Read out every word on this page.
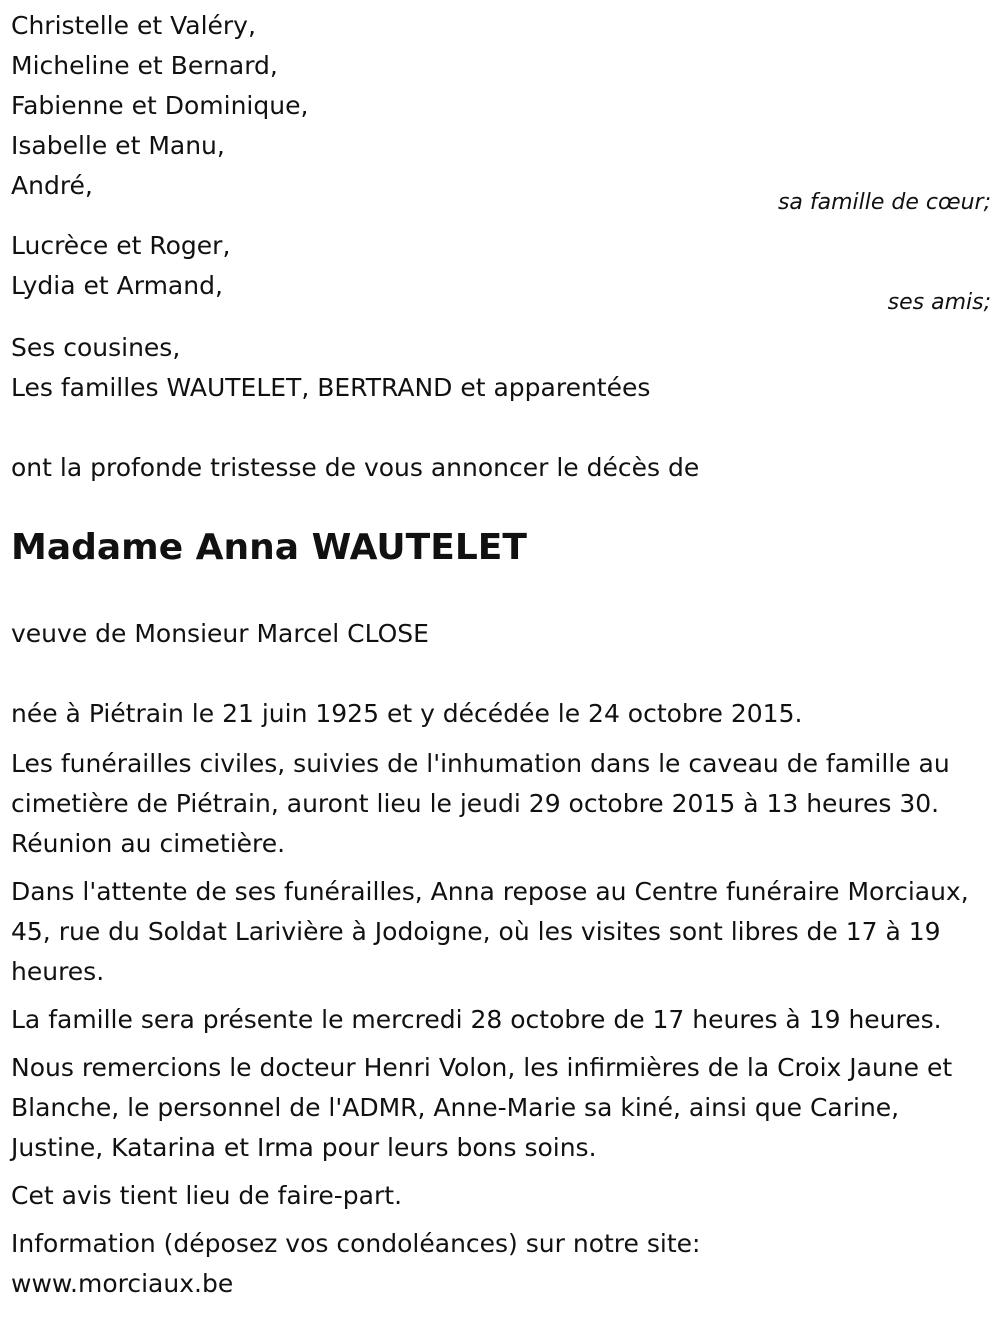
Christelle et Valéry,

Micheline et Bernard,

Fabienne et Dominique,

Isabelle et Manu,

André,

sa famille de cœur;

Lucrèce et Roger,

Lydia et Armand,

ses amis;

Ses cousines,

Les familles WAUTELET, BERTRAND et apparentées

ont la profonde tristesse de vous annoncer le décès de

Madame Anna WAUTELET

veuve de Monsieur Marcel CLOSE

née à Piétrain le 21 juin 1925 et y décédée le 24 octobre 2015.

Les funérailles civiles, suivies de l'inhumation dans le caveau de famille au cimetière de Piétrain, auront lieu le jeudi 29 octobre 2015 à 13 heures 30. Réunion au cimetière.

Dans l'attente de ses funérailles, Anna repose au Centre funéraire Morciaux, 45, rue du Soldat Larivière à Jodoigne, où les visites sont libres de 17 à 19 heures.

La famille sera présente le mercredi 28 octobre de 17 heures à 19 heures.

Nous remercions le docteur Henri Volon, les infirmières de la Croix Jaune et Blanche, le personnel de l'ADMR, Anne-Marie sa kiné, ainsi que Carine, Justine, Katarina et Irma pour leurs bons soins.

Cet avis tient lieu de faire-part.

Information (déposez vos condoléances) sur notre site:

www.morciaux.be
